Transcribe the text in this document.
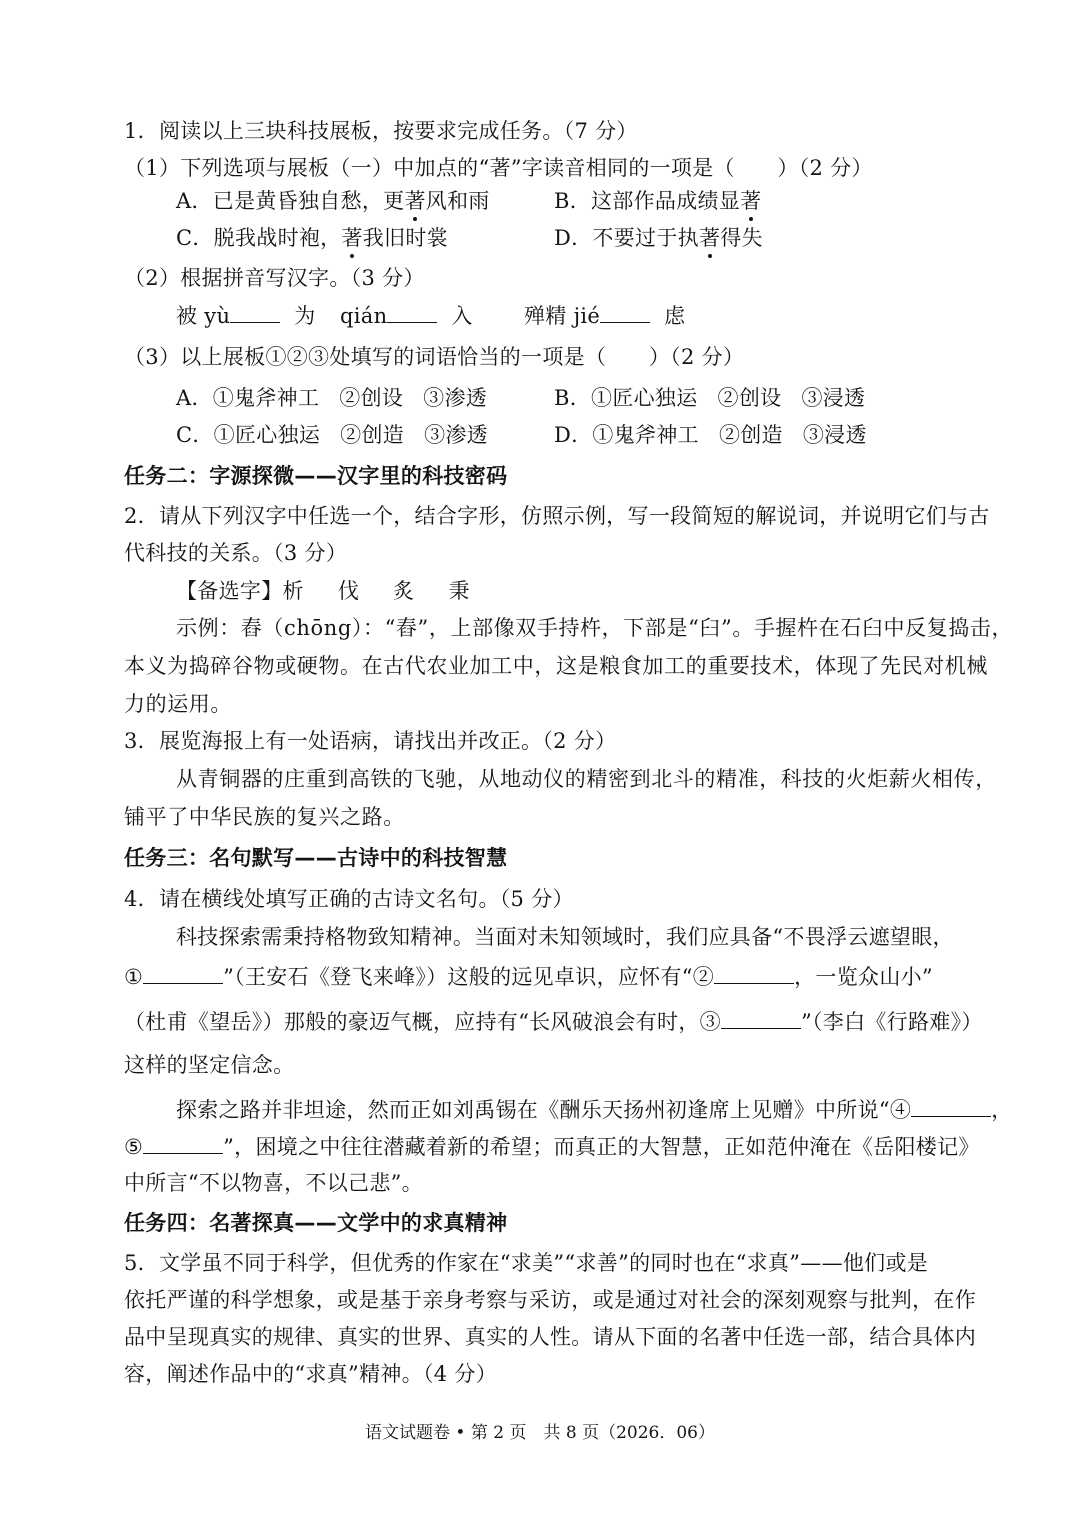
1．阅读以上三块科技展板，按要求完成任务。（7 分）
（1）下列选项与展板（一）中加点的“著”字读音相同的一项是（　　）（2 分）
A．已是黄昏独自愁，更著风和雨	B．这部作品成绩显著
C．脱我战时袍，著我旧时裳	D．不要过于执著得失
（2）根据拼音写汉字。（3 分）
被 yù	为 qián	入 殚精 jié	虑
（3）以上展板①②③处填写的词语恰当的一项是（　　）（2 分）
A．①鬼斧神工 ②创设 ③渗透	B．①匠心独运 ②创设 ③浸透
C．①匠心独运 ②创造 ③渗透	D．①鬼斧神工 ②创造 ③浸透
任务二：字源探微——汉字里的科技密码
2．请从下列汉字中任选一个，结合字形，仿照示例，写一段简短的解说词，并说明它们与古
代科技的关系。（3 分）
【备选字】析 伐 炙 秉
示例：舂（chōng）：“舂”，上部像双手持杵，下部是“臼”。手握杵在石臼中反复捣击，
本义为捣碎谷物或硬物。在古代农业加工中，这是粮食加工的重要技术，体现了先民对机械
力的运用。
3．展览海报上有一处语病，请找出并改正。（2 分）
从青铜器的庄重到高铁的飞驰，从地动仪的精密到北斗的精准，科技的火炬薪火相传，
铺平了中华民族的复兴之路。
任务三：名句默写——古诗中的科技智慧
4．请在横线处填写正确的古诗文名句。（5 分）
科技探索需秉持格物致知精神。当面对未知领域时，我们应具备“不畏浮云遮望眼，
①	”（王安石《登飞来峰》）这般的远见卓识，应怀有“②	，一览众山小”
（杜甫《望岳》）那般的豪迈气概，应持有“长风破浪会有时，③	”（李白《行路难》）
这样的坚定信念。
探索之路并非坦途，然而正如刘禹锡在《酬乐天扬州初逢席上见赠》中所说“④	，
⑤	”，困境之中往往潜藏着新的希望；而真正的大智慧，正如范仲淹在《岳阳楼记》
中所言“不以物喜，不以己悲”。
任务四：名著探真——文学中的求真精神
5．文学虽不同于科学，但优秀的作家在“求美”“求善”的同时也在“求真”——他们或是
依托严谨的科学想象，或是基于亲身考察与采访，或是通过对社会的深刻观察与批判，在作
品中呈现真实的规律、真实的世界、真实的人性。请从下面的名著中任选一部，结合具体内
容，阐述作品中的“求真”精神。（4 分）
语文试题卷 • 第 2 页　共 8 页（2026．06）
